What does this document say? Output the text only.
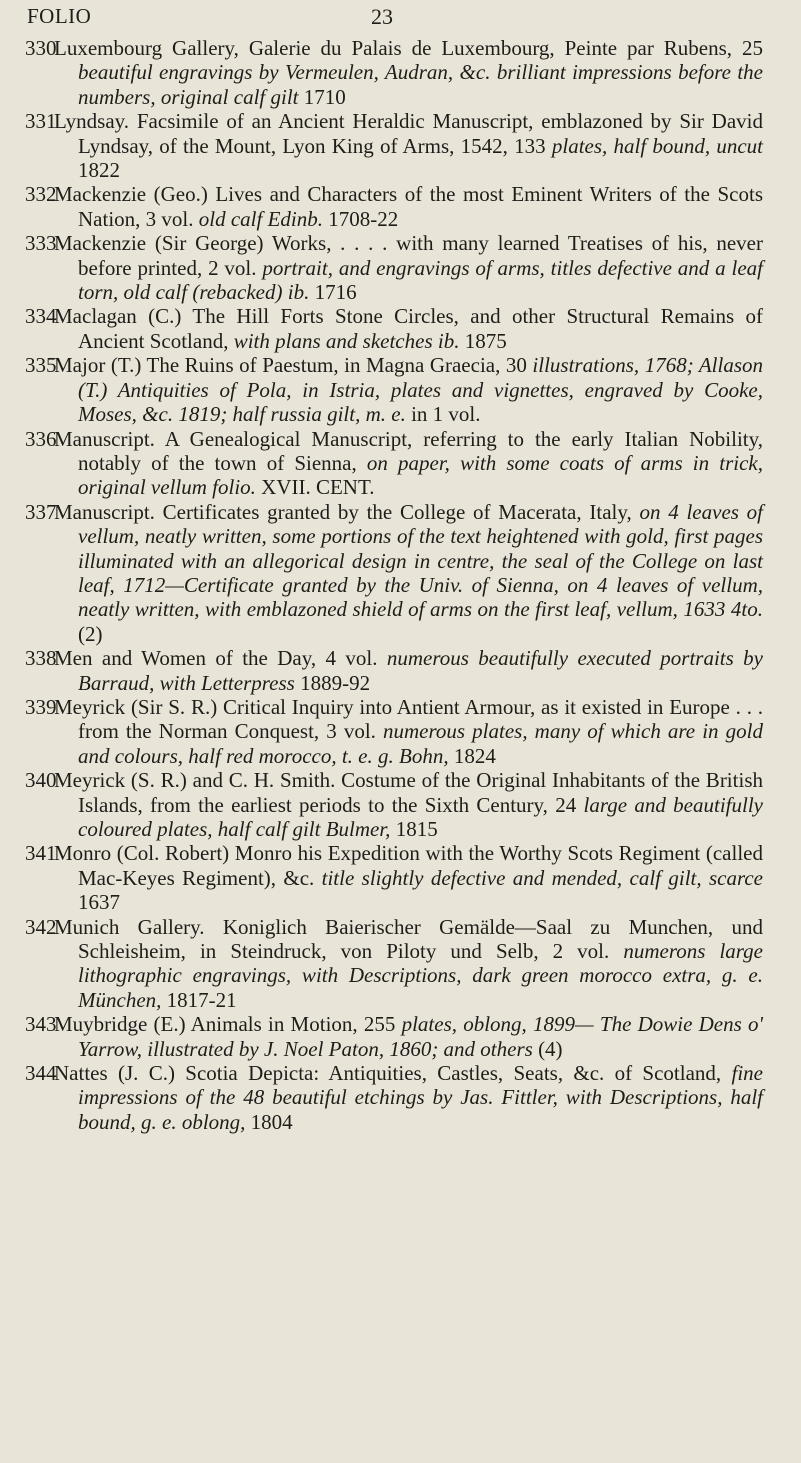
FOLIO	23
330
Luxembourg Gallery, Galerie du Palais de Luxembourg, Peinte par Rubens, 25 beautiful engravings by Vermeulen, Audran, &c. brilliant impressions before the numbers, original calf gilt 1710
331
Lyndsay. Facsimile of an Ancient Heraldic Manuscript, emblazoned by Sir David Lyndsay, of the Mount, Lyon King of Arms, 1542, 133 plates, half bound, uncut 1822
332
Mackenzie (Geo.) Lives and Characters of the most Eminent Writers of the Scots Nation, 3 vol. old calf Edinb. 1708-22
333
Mackenzie (Sir George) Works, . . . . with many learned Treatises of his, never before printed, 2 vol. portrait, and engravings of arms, titles defective and a leaf torn, old calf (rebacked) ib. 1716
334
Maclagan (C.) The Hill Forts Stone Circles, and other Structural Remains of Ancient Scotland, with plans and sketches ib. 1875
335
Major (T.) The Ruins of Paestum, in Magna Graecia, 30 illustrations, 1768; Allason (T.) Antiquities of Pola, in Istria, plates and vignettes, engraved by Cooke, Moses, &c. 1819; half russia gilt, m. e. in 1 vol.
336
Manuscript. A Genealogical Manuscript, referring to the early Italian Nobility, notably of the town of Sienna, on paper, with some coats of arms in trick, original vellum folio. XVII. CENT.
337
Manuscript. Certificates granted by the College of Macerata, Italy, on 4 leaves of vellum, neatly written, some portions of the text heightened with gold, first pages illuminated with an allegorical design in centre, the seal of the College on last leaf, 1712—Certificate granted by the Univ. of Sienna, on 4 leaves of vellum, neatly written, with emblazoned shield of arms on the first leaf, vellum, 1633 4to. (2)
338
Men and Women of the Day, 4 vol. numerous beautifully executed portraits by Barraud, with Letterpress 1889-92
339
Meyrick (Sir S. R.) Critical Inquiry into Antient Armour, as it existed in Europe . . . from the Norman Conquest, 3 vol. numerous plates, many of which are in gold and colours, half red morocco, t. e. g. Bohn, 1824
340
Meyrick (S. R.) and C. H. Smith. Costume of the Original Inhabitants of the British Islands, from the earliest periods to the Sixth Century, 24 large and beautifully coloured plates, half calf gilt Bulmer, 1815
341
Monro (Col. Robert) Monro his Expedition with the Worthy Scots Regiment (called Mac-Keyes Regiment), &c. title slightly defective and mended, calf gilt, scarce 1637
342
Munich Gallery. Koniglich Baierischer Gemälde—Saal zu Munchen, und Schleisheim, in Steindruck, von Piloty und Selb, 2 vol. numerons large lithographic engravings, with Descriptions, dark green morocco extra, g. e. München, 1817-21
343
Muybridge (E.) Animals in Motion, 255 plates, oblong, 1899— The Dowie Dens o' Yarrow, illustrated by J. Noel Paton, 1860; and others (4)
344
Nattes (J. C.) Scotia Depicta: Antiquities, Castles, Seats, &c. of Scotland, fine impressions of the 48 beautiful etchings by Jas. Fittler, with Descriptions, half bound, g. e. oblong, 1804
